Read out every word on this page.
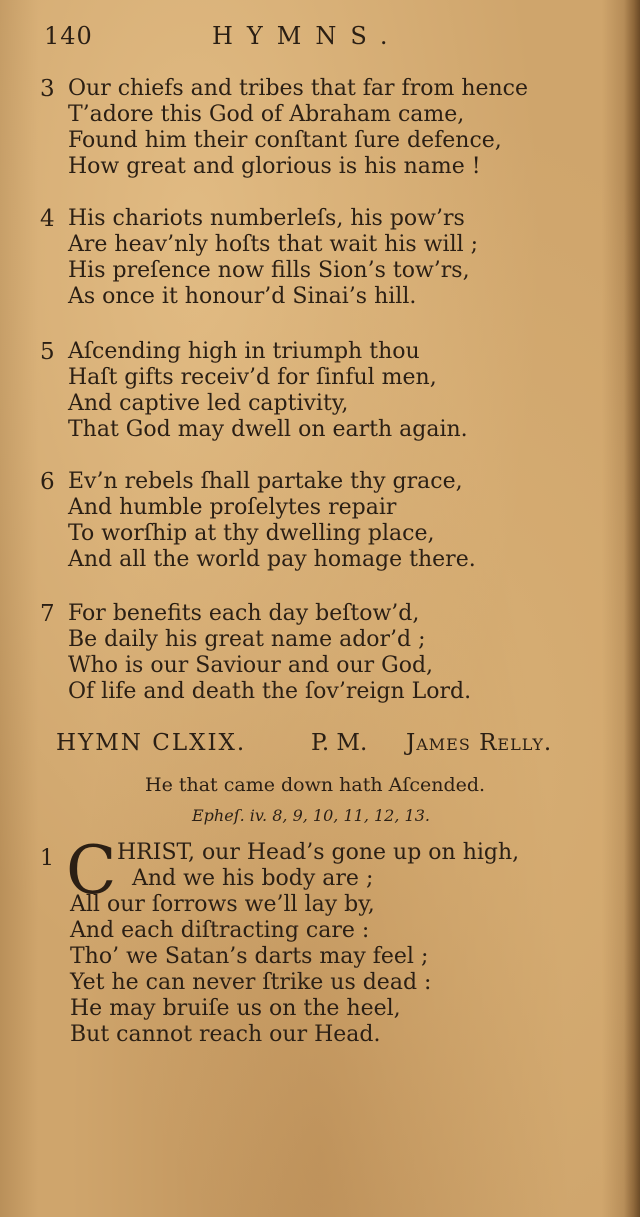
140	HYMNS.
3 Our chiefs and tribes that far from hence
T’adore this God of Abraham came,
Found him their conſtant ſure defence,
How great and glorious is his name !
4 His chariots numberleſs, his pow’rs
Are heav’nly hoſts that wait his will ;
His preſence now fills Sion’s tow’rs,
As once it honour’d Sinai’s hill.
5 Aſcending high in triumph thou
Haſt gifts receiv’d for ſinful men,
And captive led captivity,
That God may dwell on earth again.
6 Ev’n rebels ſhall partake thy grace,
And humble proſelytes repair
To worſhip at thy dwelling place,
And all the world pay homage there.
7 For benefits each day beſtow’d,
Be daily his great name ador’d ;
Who is our Saviour and our God,
Of life and death the ſov’reign Lord.
HYMN CLXIX.	P. M. James Relly.
He that came down hath Aſcended.
Epheſ. iv. 8, 9, 10, 11, 12, 13.
1 C HRIST, our Head’s gone up on high,
And we his body are ;
All our ſorrows we’ll lay by,
And each diſtracting care :
Tho’ we Satan’s darts may feel ;
Yet he can never ſtrike us dead :
He may bruiſe us on the heel,
But cannot reach our Head.
